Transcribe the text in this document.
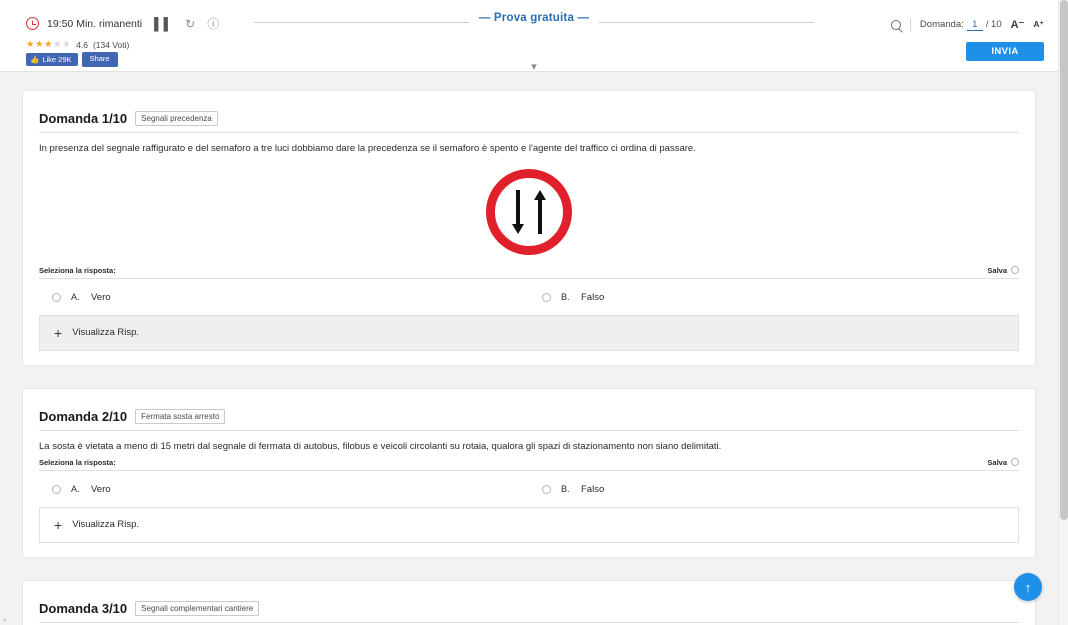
19:50 Min. rimanenti ▌▌ ↻ ⓘ
★★★★★ 4.6 (134 Voti)
👍 Like 29K	Share
— Prova gratuita —
▾
Domanda:
1 / 10 A⁻ A⁺
INVIA
Domanda 1/10	Segnali precedenza
In presenza del segnale raffigurato e del semaforo a tre luci dobbiamo dare la precedenza se il semaforo è spento e l'agente del traffico ci ordina di passare.
Seleziona la risposta:	Salva
A. Vero	B. Falso
+ Visualizza Risp.
Domanda 2/10	Fermata sosta arresto
La sosta è vietata a meno di 15 metri dal segnale di fermata di autobus, filobus e veicoli circolanti su rotaia, qualora gli spazi di stazionamento non siano delimitati.
Seleziona la risposta:	Salva
A. Vero	B. Falso
+ Visualizza Risp.
Domanda 3/10	Segnali complementari cantiere
↑
⌞
